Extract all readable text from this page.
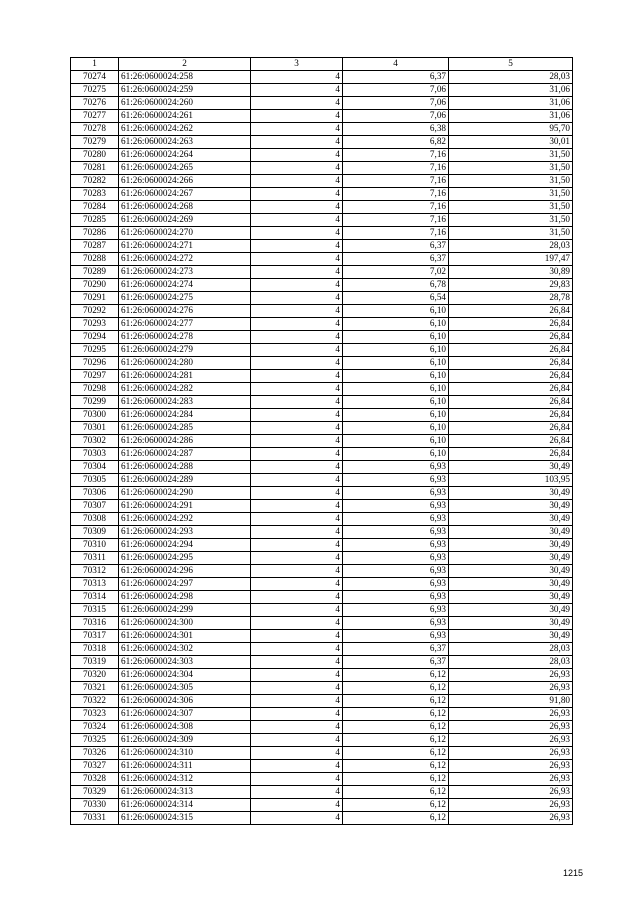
1	2	3	4	5
70274	61:26:0600024:258	4	6,37	28,03
70275	61:26:0600024:259	4	7,06	31,06
70276	61:26:0600024:260	4	7,06	31,06
70277	61:26:0600024:261	4	7,06	31,06
70278	61:26:0600024:262	4	6,38	95,70
70279	61:26:0600024:263	4	6,82	30,01
70280	61:26:0600024:264	4	7,16	31,50
70281	61:26:0600024:265	4	7,16	31,50
70282	61:26:0600024:266	4	7,16	31,50
70283	61:26:0600024:267	4	7,16	31,50
70284	61:26:0600024:268	4	7,16	31,50
70285	61:26:0600024:269	4	7,16	31,50
70286	61:26:0600024:270	4	7,16	31,50
70287	61:26:0600024:271	4	6,37	28,03
70288	61:26:0600024:272	4	6,37	197,47
70289	61:26:0600024:273	4	7,02	30,89
70290	61:26:0600024:274	4	6,78	29,83
70291	61:26:0600024:275	4	6,54	28,78
70292	61:26:0600024:276	4	6,10	26,84
70293	61:26:0600024:277	4	6,10	26,84
70294	61:26:0600024:278	4	6,10	26,84
70295	61:26:0600024:279	4	6,10	26,84
70296	61:26:0600024:280	4	6,10	26,84
70297	61:26:0600024:281	4	6,10	26,84
70298	61:26:0600024:282	4	6,10	26,84
70299	61:26:0600024:283	4	6,10	26,84
70300	61:26:0600024:284	4	6,10	26,84
70301	61:26:0600024:285	4	6,10	26,84
70302	61:26:0600024:286	4	6,10	26,84
70303	61:26:0600024:287	4	6,10	26,84
70304	61:26:0600024:288	4	6,93	30,49
70305	61:26:0600024:289	4	6,93	103,95
70306	61:26:0600024:290	4	6,93	30,49
70307	61:26:0600024:291	4	6,93	30,49
70308	61:26:0600024:292	4	6,93	30,49
70309	61:26:0600024:293	4	6,93	30,49
70310	61:26:0600024:294	4	6,93	30,49
70311	61:26:0600024:295	4	6,93	30,49
70312	61:26:0600024:296	4	6,93	30,49
70313	61:26:0600024:297	4	6,93	30,49
70314	61:26:0600024:298	4	6,93	30,49
70315	61:26:0600024:299	4	6,93	30,49
70316	61:26:0600024:300	4	6,93	30,49
70317	61:26:0600024:301	4	6,93	30,49
70318	61:26:0600024:302	4	6,37	28,03
70319	61:26:0600024:303	4	6,37	28,03
70320	61:26:0600024:304	4	6,12	26,93
70321	61:26:0600024:305	4	6,12	26,93
70322	61:26:0600024:306	4	6,12	91,80
70323	61:26:0600024:307	4	6,12	26,93
70324	61:26:0600024:308	4	6,12	26,93
70325	61:26:0600024:309	4	6,12	26,93
70326	61:26:0600024:310	4	6,12	26,93
70327	61:26:0600024:311	4	6,12	26,93
70328	61:26:0600024:312	4	6,12	26,93
70329	61:26:0600024:313	4	6,12	26,93
70330	61:26:0600024:314	4	6,12	26,93
70331	61:26:0600024:315	4	6,12	26,93
1215
